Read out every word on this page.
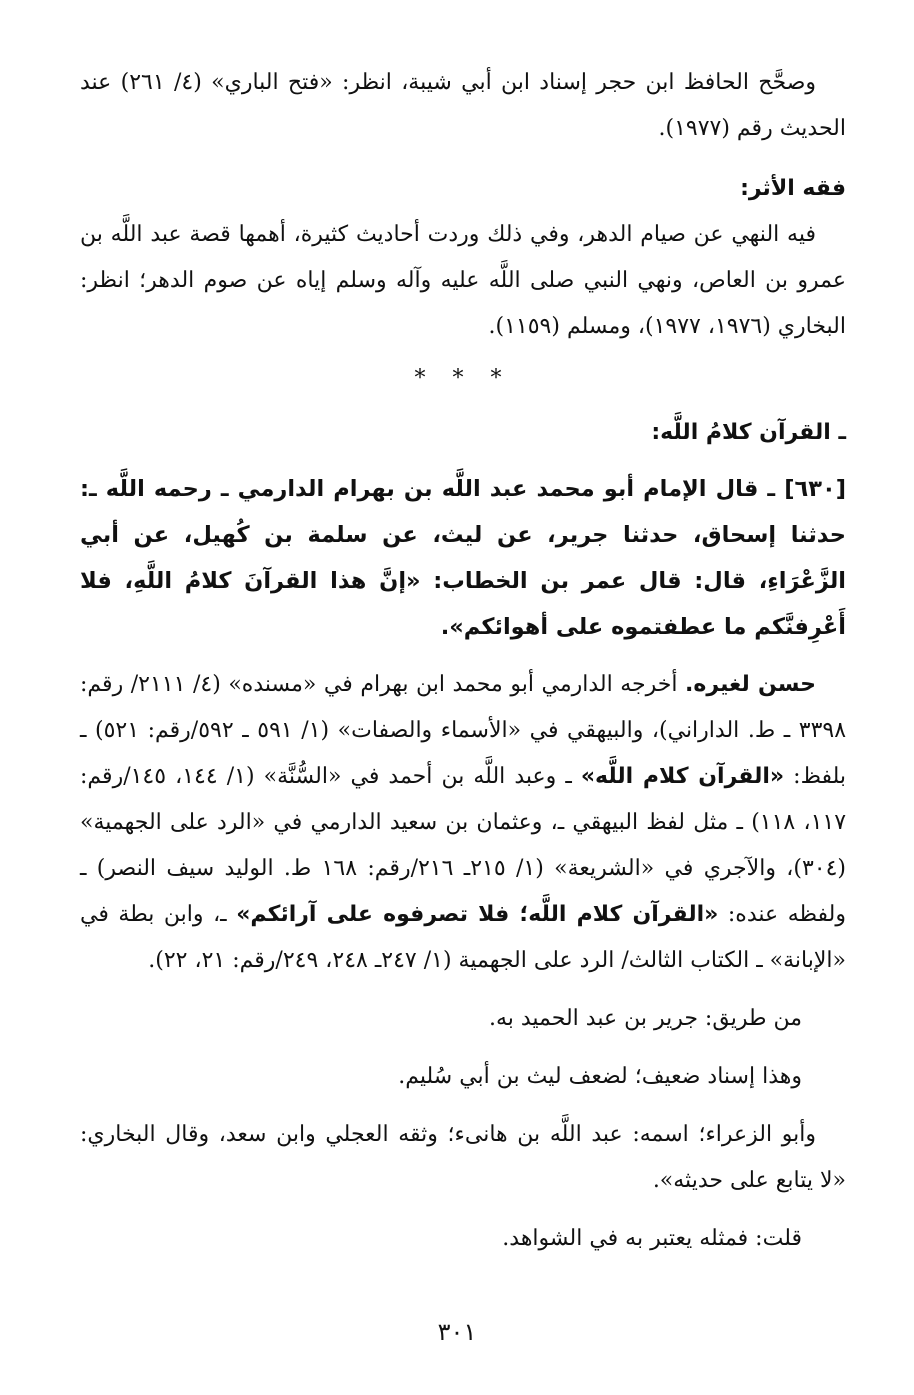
وصحَّح الحافظ ابن حجر إسناد ابن أبي شيبة، انظر: «فتح الباري» (٤/ ٢٦١) عند الحديث رقم (١٩٧٧).

فقه الأثر:

فيه النهي عن صيام الدهر، وفي ذلك وردت أحاديث كثيرة، أهمها قصة عبد اللَّه بن عمرو بن العاص، ونهي النبي صلى اللَّه عليه وآله وسلم إياه عن صوم الدهر؛ انظر: البخاري (١٩٧٦، ١٩٧٧)، ومسلم (١١٥٩).

* * *

ـ القرآن كلامُ اللَّه:

[٦٣٠] ـ قال الإمام أبو محمد عبد اللَّه بن بهرام الدارمي ـ رحمه اللَّه ـ: حدثنا إسحاق، حدثنا جرير، عن ليث، عن سلمة بن كُهيل، عن أبي الزَّعْرَاءِ، قال: قال عمر بن الخطاب: «إنَّ هذا القرآنَ كلامُ اللَّهِ، فلا أَعْرِفنَّكم ما عطفتموه على أهوائكم».

حسن لغيره. أخرجه الدارمي أبو محمد ابن بهرام في «مسنده» (٤/ ٢١١١/ رقم: ٣٣٩٨ ـ ط. الداراني)، والبيهقي في «الأسماء والصفات» (١/ ٥٩١ ـ ٥٩٢/رقم: ٥٢١) ـ بلفظ: «القرآن كلام اللَّه» ـ وعبد اللَّه بن أحمد في «السُّنَّة» (١/ ١٤٤، ١٤٥/رقم: ١١٧، ١١٨) ـ مثل لفظ البيهقي ـ، وعثمان بن سعيد الدارمي في «الرد على الجهمية» (٣٠٤)، والآجري في «الشريعة» (١/ ٢١٥ـ ٢١٦/رقم: ١٦٨ ط. الوليد سيف النصر) ـ ولفظه عنده: «القرآن كلام اللَّه؛ فلا تصرفوه على آرائكم» ـ، وابن بطة في «الإبانة» ـ الكتاب الثالث/ الرد على الجهمية (١/ ٢٤٧ـ ٢٤٨، ٢٤٩/رقم: ٢١، ٢٢).

من طريق: جرير بن عبد الحميد به.

وهذا إسناد ضعيف؛ لضعف ليث بن أبي سُليم.

وأبو الزعراء؛ اسمه: عبد اللَّه بن هانىء؛ وثقه العجلي وابن سعد، وقال البخاري: «لا يتابع على حديثه».

قلت: فمثله يعتبر به في الشواهد.

٣٠١
